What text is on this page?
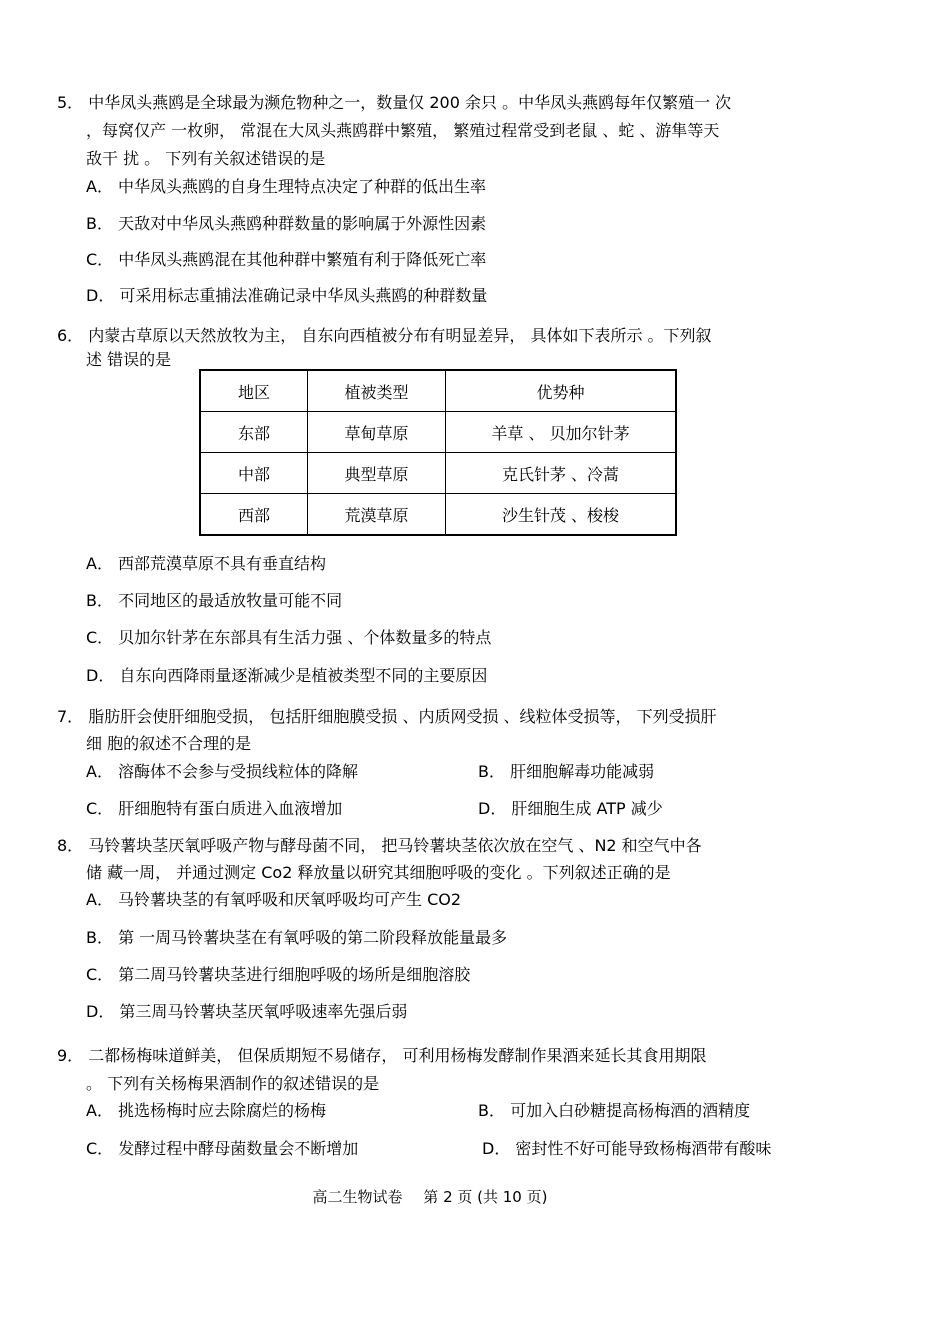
5． 中华凤头燕鸥是全球最为濒危物种之一，数量仅 200 余只 。中华凤头燕鸥每年仅繁殖一 次
，每窝仅产 一枚卵， 常混在大凤头燕鸥群中繁殖， 繁殖过程常受到老鼠 、蛇 、游隼等天
敌干 扰 。 下列有关叙述错误的是
A． 中华凤头燕鸥的自身生理特点决定了种群的低出生率
B． 天敌对中华凤头燕鸥种群数量的影响属于外源性因素
C． 中华凤头燕鸥混在其他种群中繁殖有利于降低死亡率
D． 可采用标志重捕法准确记录中华凤头燕鸥的种群数量
6． 内蒙古草原以天然放牧为主， 自东向西植被分布有明显差异， 具体如下表所示 。下列叙
述 错误的是
地区	植被类型	优势种
东部	草甸草原	羊草 、 贝加尔针茅
中部	典型草原	克氏针茅 、冷蒿
西部	荒漠草原	沙生针茂 、梭梭
A． 西部荒漠草原不具有垂直结构
B． 不同地区的最适放牧量可能不同
C． 贝加尔针茅在东部具有生活力强 、个体数量多的特点
D． 自东向西降雨量逐渐减少是植被类型不同的主要原因
7． 脂肪肝会使肝细胞受损， 包括肝细胞膜受损 、内质网受损 、线粒体受损等， 下列受损肝
细 胞的叙述不合理的是
A． 溶酶体不会参与受损线粒体的降解	B． 肝细胞解毒功能减弱
C． 肝细胞特有蛋白质进入血液增加	D． 肝细胞生成 ATP 减少
8． 马铃薯块茎厌氧呼吸产物与酵母菌不同， 把马铃薯块茎依次放在空气 、N2 和空气中各
储 藏一周， 并通过测定 Co2 释放量以研究其细胞呼吸的变化 。下列叙述正确的是
A． 马铃薯块茎的有氧呼吸和厌氧呼吸均可产生 CO2
B． 第 一周马铃薯块茎在有氧呼吸的第二阶段释放能量最多
C． 第二周马铃薯块茎进行细胞呼吸的场所是细胞溶胶
D． 第三周马铃薯块茎厌氧呼吸速率先强后弱
9． 二都杨梅味道鲜美， 但保质期短不易储存， 可利用杨梅发酵制作果酒来延长其食用期限
。 下列有关杨梅果酒制作的叙述错误的是
A． 挑选杨梅时应去除腐烂的杨梅	B． 可加入白砂糖提高杨梅酒的酒精度
C． 发酵过程中酵母菌数量会不断增加	D． 密封性不好可能导致杨梅酒带有酸味
高二生物试卷 第 2 页 (共 10 页)
